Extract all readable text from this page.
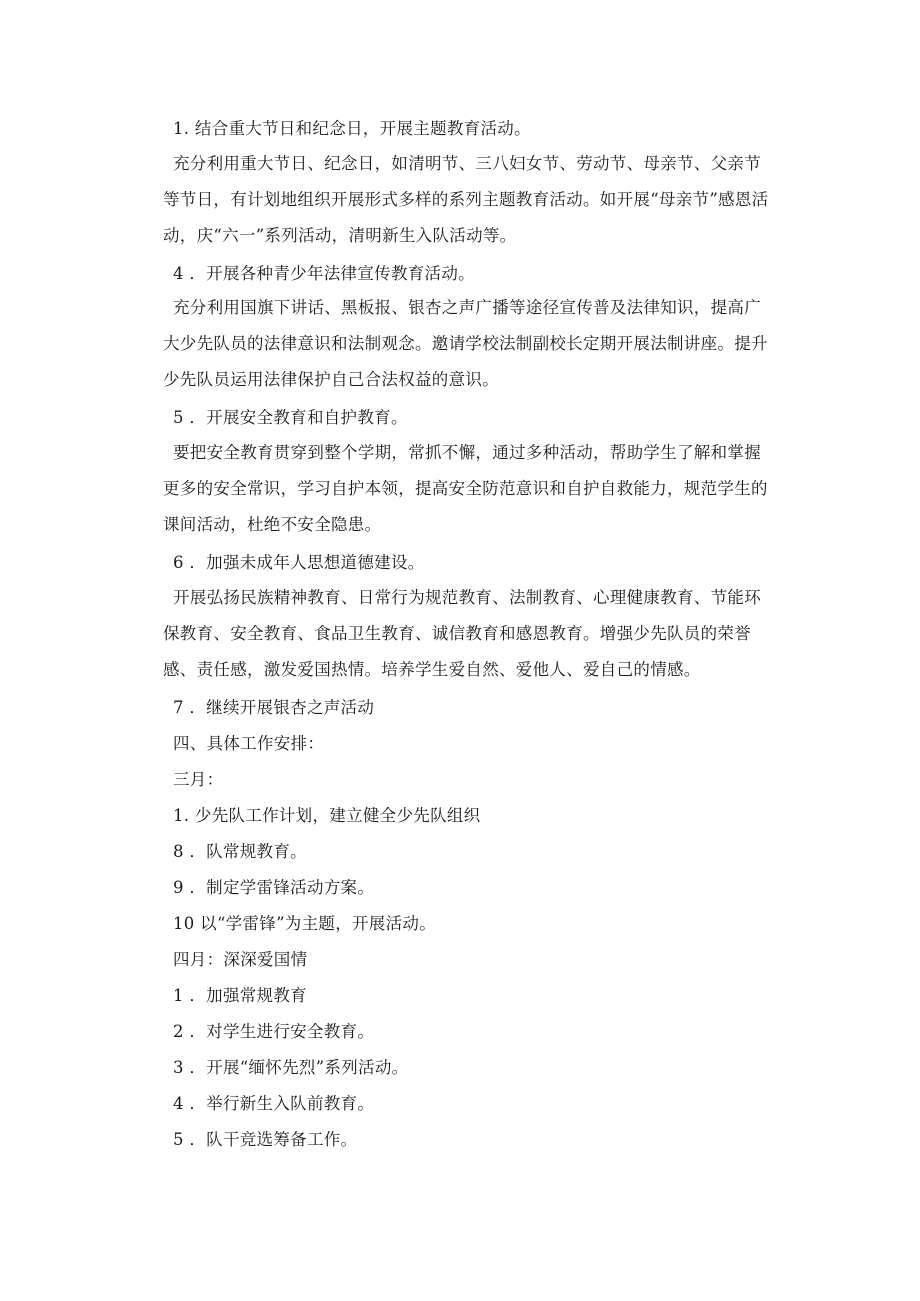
1. 结合重大节日和纪念日，开展主题教育活动。

充分利用重大节日、纪念日，如清明节、三八妇女节、劳动节、母亲节、父亲节等节日，有计划地组织开展形式多样的系列主题教育活动。如开展“母亲节”感恩活动，庆“六一”系列活动，清明新生入队活动等。

4 ．开展各种青少年法律宣传教育活动。

充分利用国旗下讲话、黑板报、银杏之声广播等途径宣传普及法律知识，提高广大少先队员的法律意识和法制观念。邀请学校法制副校长定期开展法制讲座。提升少先队员运用法律保护自己合法权益的意识。

5 ．开展安全教育和自护教育。

要把安全教育贯穿到整个学期，常抓不懈，通过多种活动，帮助学生了解和掌握更多的安全常识，学习自护本领，提高安全防范意识和自护自救能力，规范学生的课间活动，杜绝不安全隐患。

6 ．加强未成年人思想道德建设。

开展弘扬民族精神教育、日常行为规范教育、法制教育、心理健康教育、节能环保教育、安全教育、食品卫生教育、诚信教育和感恩教育。增强少先队员的荣誉感、责任感，激发爱国热情。培养学生爱自然、爱他人、爱自己的情感。

7 ．继续开展银杏之声活动

四、具体工作安排：

三月：

1. 少先队工作计划，建立健全少先队组织

8 ．队常规教育。

9 ．制定学雷锋活动方案。

10 以“学雷锋”为主题，开展活动。

四月：深深爱国情

1 ．加强常规教育

2 ．对学生进行安全教育。

3 ．开展“缅怀先烈”系列活动。

4 ．举行新生入队前教育。

5 ．队干竞选筹备工作。
